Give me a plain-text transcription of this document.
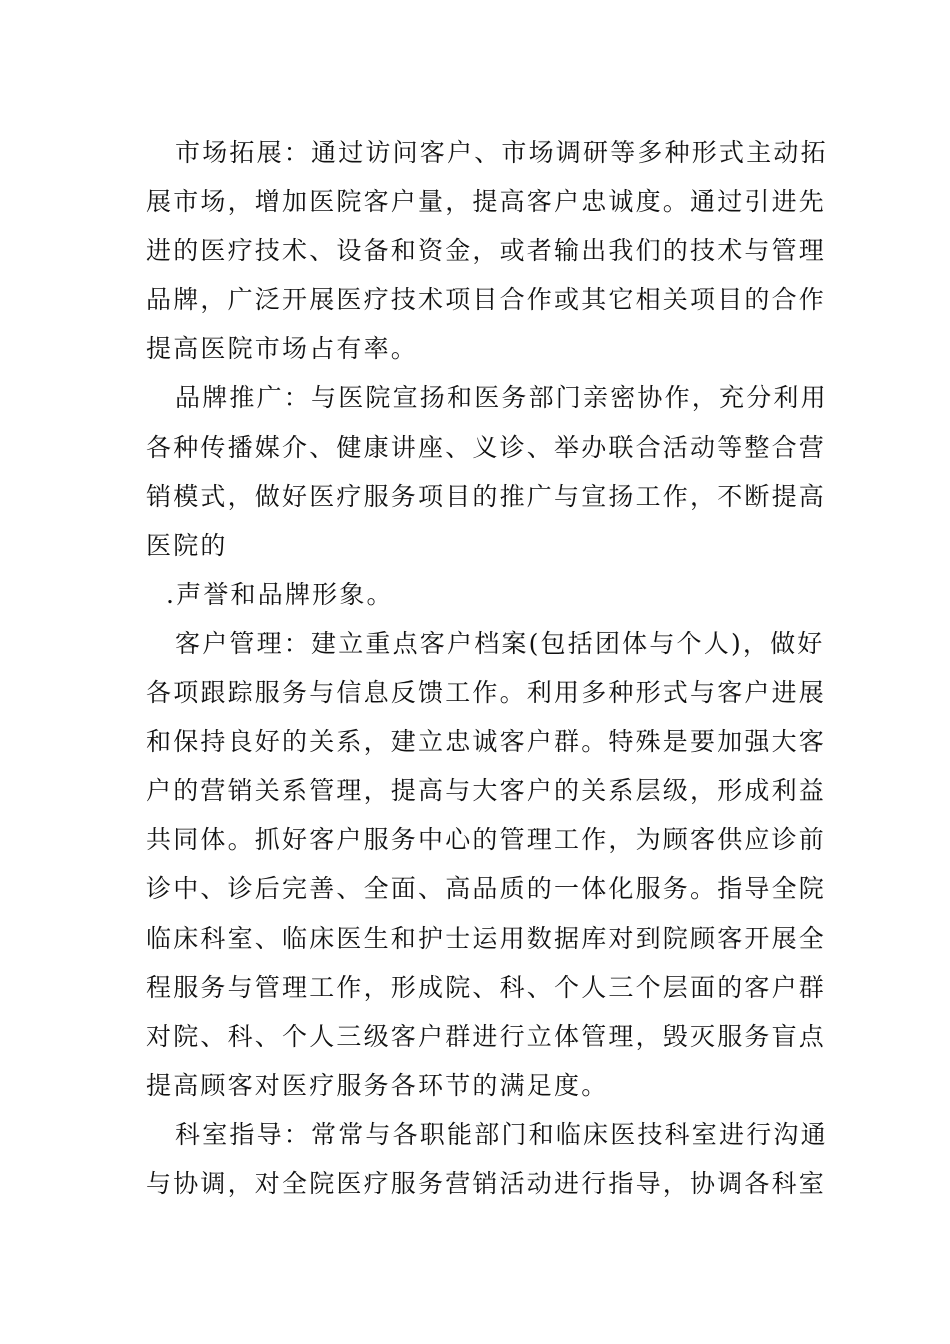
市场拓展：通过访问客户、市场调研等多种形式主动拓
展市场，增加医院客户量，提高客户忠诚度。通过引进先
进的医疗技术、设备和资金，或者输出我们的技术与管理
品牌，广泛开展医疗技术项目合作或其它相关项目的合作
提高医院市场占有率。
品牌推广：与医院宣扬和医务部门亲密协作，充分利用
各种传播媒介、健康讲座、义诊、举办联合活动等整合营
销模式，做好医疗服务项目的推广与宣扬工作，不断提高
医院的
.声誉和品牌形象。
客户管理：建立重点客户档案(包括团体与个人)，做好
各项跟踪服务与信息反馈工作。利用多种形式与客户进展
和保持良好的关系，建立忠诚客户群。特殊是要加强大客
户的营销关系管理，提高与大客户的关系层级，形成利益
共同体。抓好客户服务中心的管理工作，为顾客供应诊前
诊中、诊后完善、全面、高品质的一体化服务。指导全院
临床科室、临床医生和护士运用数据库对到院顾客开展全
程服务与管理工作，形成院、科、个人三个层面的客户群
对院、科、个人三级客户群进行立体管理，毁灭服务盲点
提高顾客对医疗服务各环节的满足度。
科室指导：常常与各职能部门和临床医技科室进行沟通
与协调，对全院医疗服务营销活动进行指导，协调各科室
